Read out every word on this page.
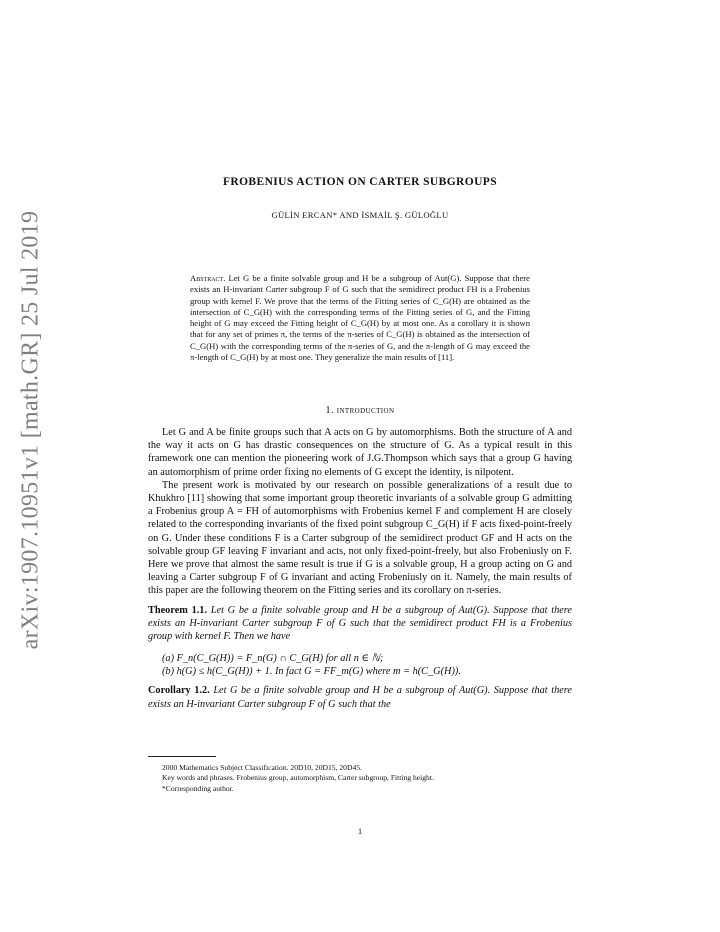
arXiv:1907.10951v1 [math.GR] 25 Jul 2019
FROBENIUS ACTION ON CARTER SUBGROUPS
GÜLİN ERCAN* AND İSMAİL Ş. GÜLOĞLU
Abstract. Let G be a finite solvable group and H be a subgroup of Aut(G). Suppose that there exists an H-invariant Carter subgroup F of G such that the semidirect product FH is a Frobenius group with kernel F. We prove that the terms of the Fitting series of C_G(H) are obtained as the intersection of C_G(H) with the corresponding terms of the Fitting series of G, and the Fitting height of G may exceed the Fitting height of C_G(H) by at most one. As a corollary it is shown that for any set of primes π, the terms of the π-series of C_G(H) is obtained as the intersection of C_G(H) with the corresponding terms of the π-series of G, and the π-length of G may exceed the π-length of C_G(H) by at most one. They generalize the main results of [11].
1. introduction

Let G and A be finite groups such that A acts on G by automorphisms. Both the structure of A and the way it acts on G has drastic consequences on the structure of G. As a typical result in this framework one can mention the pioneering work of J.G.Thompson which says that a group G having an automorphism of prime order fixing no elements of G except the identity, is nilpotent.

The present work is motivated by our research on possible generalizations of a result due to Khukhro [11] showing that some important group theoretic invariants of a solvable group G admitting a Frobenius group A = FH of automorphisms with Frobenius kernel F and complement H are closely related to the corresponding invariants of the fixed point subgroup C_G(H) if F acts fixed-point-freely on G. Under these conditions F is a Carter subgroup of the semidirect product GF and H acts on the solvable group GF leaving F invariant and acts, not only fixed-point-freely, but also Frobeniusly on F. Here we prove that almost the same result is true if G is a solvable group, H a group acting on G and leaving a Carter subgroup F of G invariant and acting Frobeniusly on it. Namely, the main results of this paper are the following theorem on the Fitting series and its corollary on π-series.

Theorem 1.1. Let G be a finite solvable group and H be a subgroup of Aut(G). Suppose that there exists an H-invariant Carter subgroup F of G such that the semidirect product FH is a Frobenius group with kernel F. Then we have

(a) F_n(C_G(H)) = F_n(G) ∩ C_G(H) for all n ∈ ℕ;
(b) h(G) ≤ h(C_G(H)) + 1. In fact G = FF_m(G) where m = h(C_G(H)).

Corollary 1.2. Let G be a finite solvable group and H be a subgroup of Aut(G). Suppose that there exists an H-invariant Carter subgroup F of G such that the

2000 Mathematics Subject Classification. 20D10, 20D15, 20D45.
Key words and phrases. Frobenius group, automorphism, Carter subgroup, Fitting height.
*Corresponding author.
1
